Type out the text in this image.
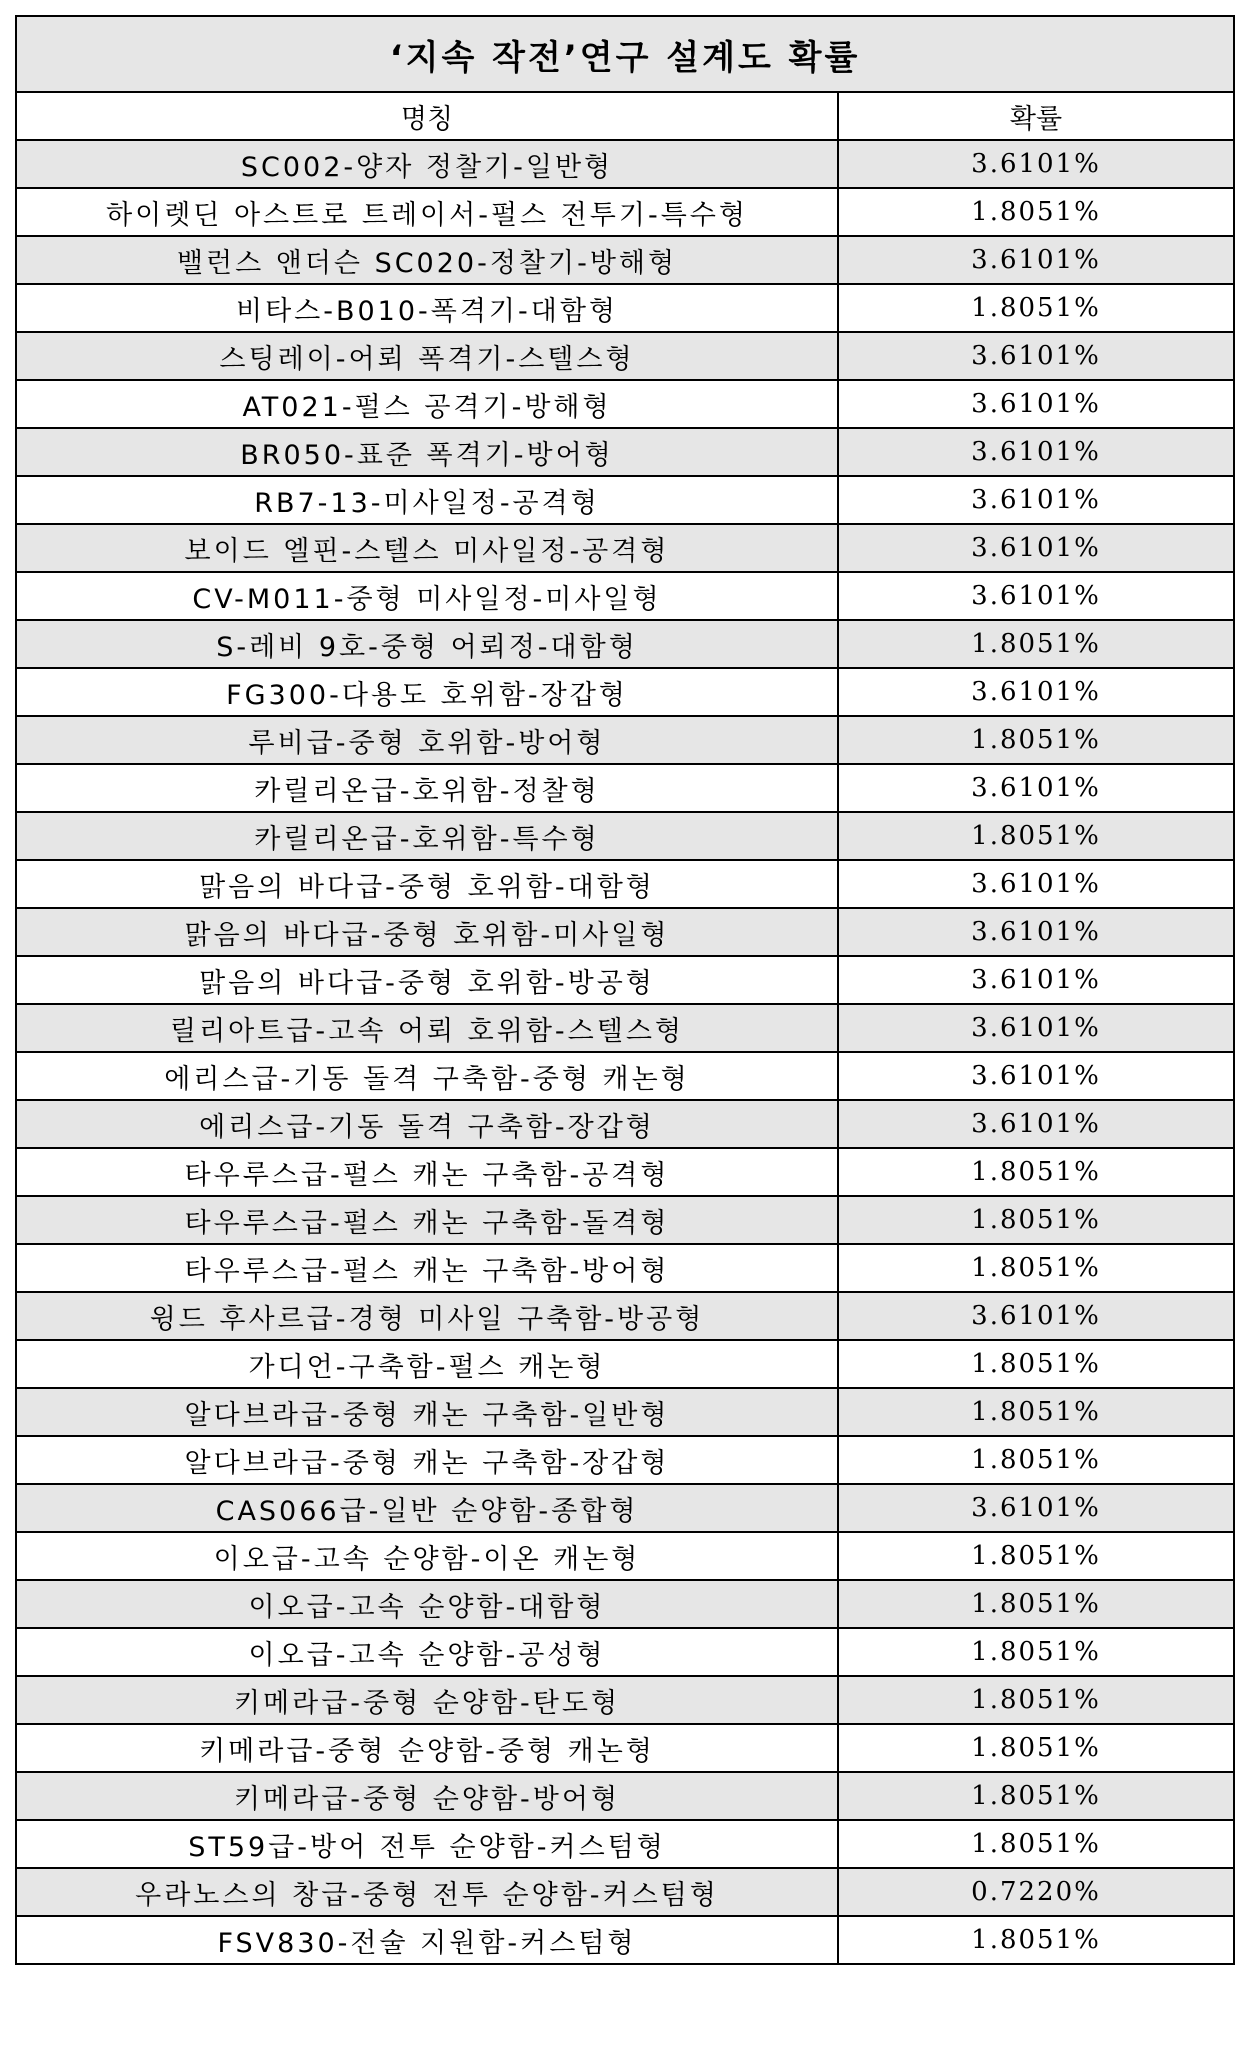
‘지속 작전’연구 설계도 확률	
명칭	확률
SC002-양자 정찰기-일반형	3.6101%
하이렛딘 아스트로 트레이서-펄스 전투기-특수형	1.8051%
밸런스 앤더슨 SC020-정찰기-방해형	3.6101%
비타스-B010-폭격기-대함형	1.8051%
스팅레이-어뢰 폭격기-스텔스형	3.6101%
AT021-펄스 공격기-방해형	3.6101%
BR050-표준 폭격기-방어형	3.6101%
RB7-13-미사일정-공격형	3.6101%
보이드 엘핀-스텔스 미사일정-공격형	3.6101%
CV-M011-중형 미사일정-미사일형	3.6101%
S-레비 9호-중형 어뢰정-대함형	1.8051%
FG300-다용도 호위함-장갑형	3.6101%
루비급-중형 호위함-방어형	1.8051%
카릴리온급-호위함-정찰형	3.6101%
카릴리온급-호위함-특수형	1.8051%
맑음의 바다급-중형 호위함-대함형	3.6101%
맑음의 바다급-중형 호위함-미사일형	3.6101%
맑음의 바다급-중형 호위함-방공형	3.6101%
릴리아트급-고속 어뢰 호위함-스텔스형	3.6101%
에리스급-기동 돌격 구축함-중형 캐논형	3.6101%
에리스급-기동 돌격 구축함-장갑형	3.6101%
타우루스급-펄스 캐논 구축함-공격형	1.8051%
타우루스급-펄스 캐논 구축함-돌격형	1.8051%
타우루스급-펄스 캐논 구축함-방어형	1.8051%
윙드 후사르급-경형 미사일 구축함-방공형	3.6101%
가디언-구축함-펄스 캐논형	1.8051%
알다브라급-중형 캐논 구축함-일반형	1.8051%
알다브라급-중형 캐논 구축함-장갑형	1.8051%
CAS066급-일반 순양함-종합형	3.6101%
이오급-고속 순양함-이온 캐논형	1.8051%
이오급-고속 순양함-대함형	1.8051%
이오급-고속 순양함-공성형	1.8051%
키메라급-중형 순양함-탄도형	1.8051%
키메라급-중형 순양함-중형 캐논형	1.8051%
키메라급-중형 순양함-방어형	1.8051%
ST59급-방어 전투 순양함-커스텀형	1.8051%
우라노스의 창급-중형 전투 순양함-커스텀형	0.7220%
FSV830-전술 지원함-커스텀형	1.8051%
